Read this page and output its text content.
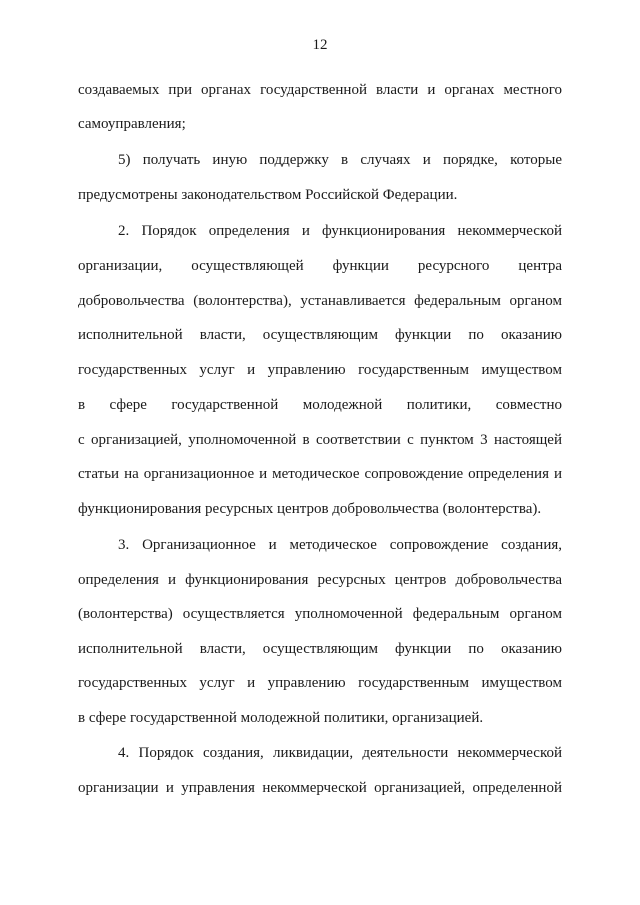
12
создаваемых при органах государственной власти и органах местного
самоуправления;
5) получать иную поддержку в случаях и порядке, которые
предусмотрены законодательством Российской Федерации.
2. Порядок определения и функционирования некоммерческой
организации, осуществляющей функции ресурсного центра
добровольчества (волонтерства), устанавливается федеральным органом
исполнительной власти, осуществляющим функции по оказанию
государственных услуг и управлению государственным имуществом
в сфере государственной молодежной политики, совместно
с организацией, уполномоченной в соответствии с пунктом 3 настоящей
статьи на организационное и методическое сопровождение определения и
функционирования ресурсных центров добровольчества (волонтерства).
3. Организационное и методическое сопровождение создания,
определения и функционирования ресурсных центров добровольчества
(волонтерства) осуществляется уполномоченной федеральным органом
исполнительной власти, осуществляющим функции по оказанию
государственных услуг и управлению государственным имуществом
в сфере государственной молодежной политики, организацией.
4. Порядок создания, ликвидации, деятельности некоммерческой
организации и управления некоммерческой организацией, определенной
